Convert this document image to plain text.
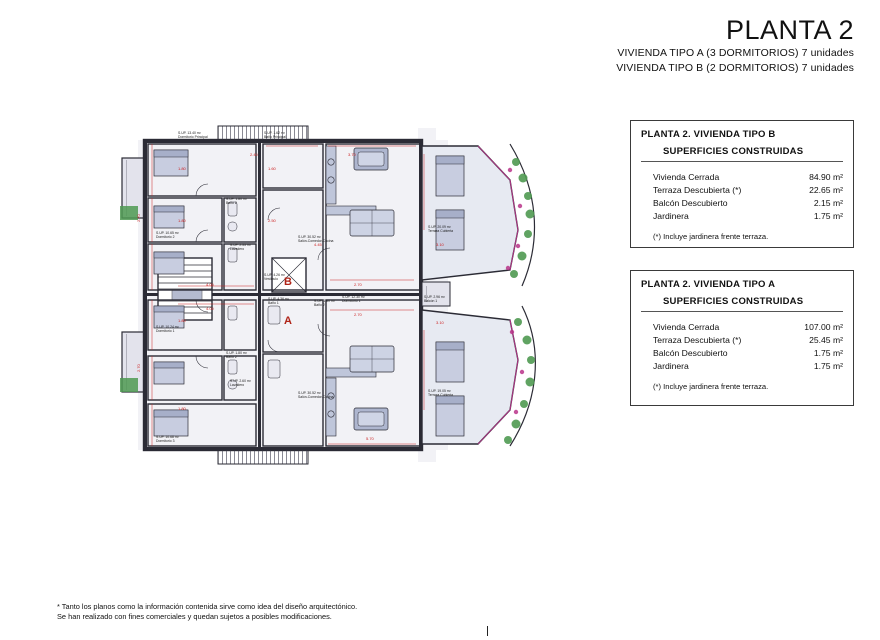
PLANTA 2
VIVIENDA TIPO A (3 DORMITORIOS) 7 unidades
VIVIENDA TIPO B (2 DORMITORIOS) 7 unidades
PLANTA 2. VIVIENDA TIPO B
SUPERFICIES CONSTRUIDAS
Vivienda Cerrada	84.90 m²
Terraza Descubierta (*)	22.65 m²
Balcón Descubierto	2.15 m²
Jardinera	1.75 m²
(*) Incluye jardinera frente terraza.
PLANTA 2. VIVIENDA TIPO A
SUPERFICIES CONSTRUIDAS
Vivienda Cerrada	107.00 m²
Terraza Descubierta (*)	25.45 m²
Balcón Descubierto	1.75 m²
Jardinera	1.75 m²
(*) Incluye jardinera frente terraza.
* Tanto los planos como la información contenida sirve como idea del diseño arquitectónico.
Se han realizado con fines comerciales y quedan sujetos a posibles modificaciones.
S.UP. 13.40 m²
Dormitorio Principal
S.UP. 1.62 m²
Baño Principal
S.UP. 1.80 m²
Baño 2
S.UP. 10.65 m²
Dormitorio 2
S.UP. 2.55 m²
Lavadero
S.UP. 30.52 m²
Salón-Comedor-Cocina
S.UP. 20.09 m²
Terraza Cubierta
S.UP. 4.26 m²
Vestíbulo
S.UP. 4.36 m²
Baño 1	S.UP. 1.80 m²
Baño 2
S.UP. 12.30 m²
Dormitorio 1
S.UP. 2.96 m²
Balcón 1
S.UP. 10.24 m²
Dormitorio 1
S.UP. 1.80 m²
Baño 2
S.UP. 2.60 m²
Lavadero
S.UP. 30.52 m²
Salón-Comedor-Cocina
S.UP. 19.05 m²
Terraza Cubierta
S.UP. 10.68 m²
Dormitorio 3
1.80
1.80
2.70
2.70
3.70
3.10
3.10
4.00
4.00
2.70
2.70
1.60
2.50
5.70
1.80
1.80
2.40
4.45
B
A
